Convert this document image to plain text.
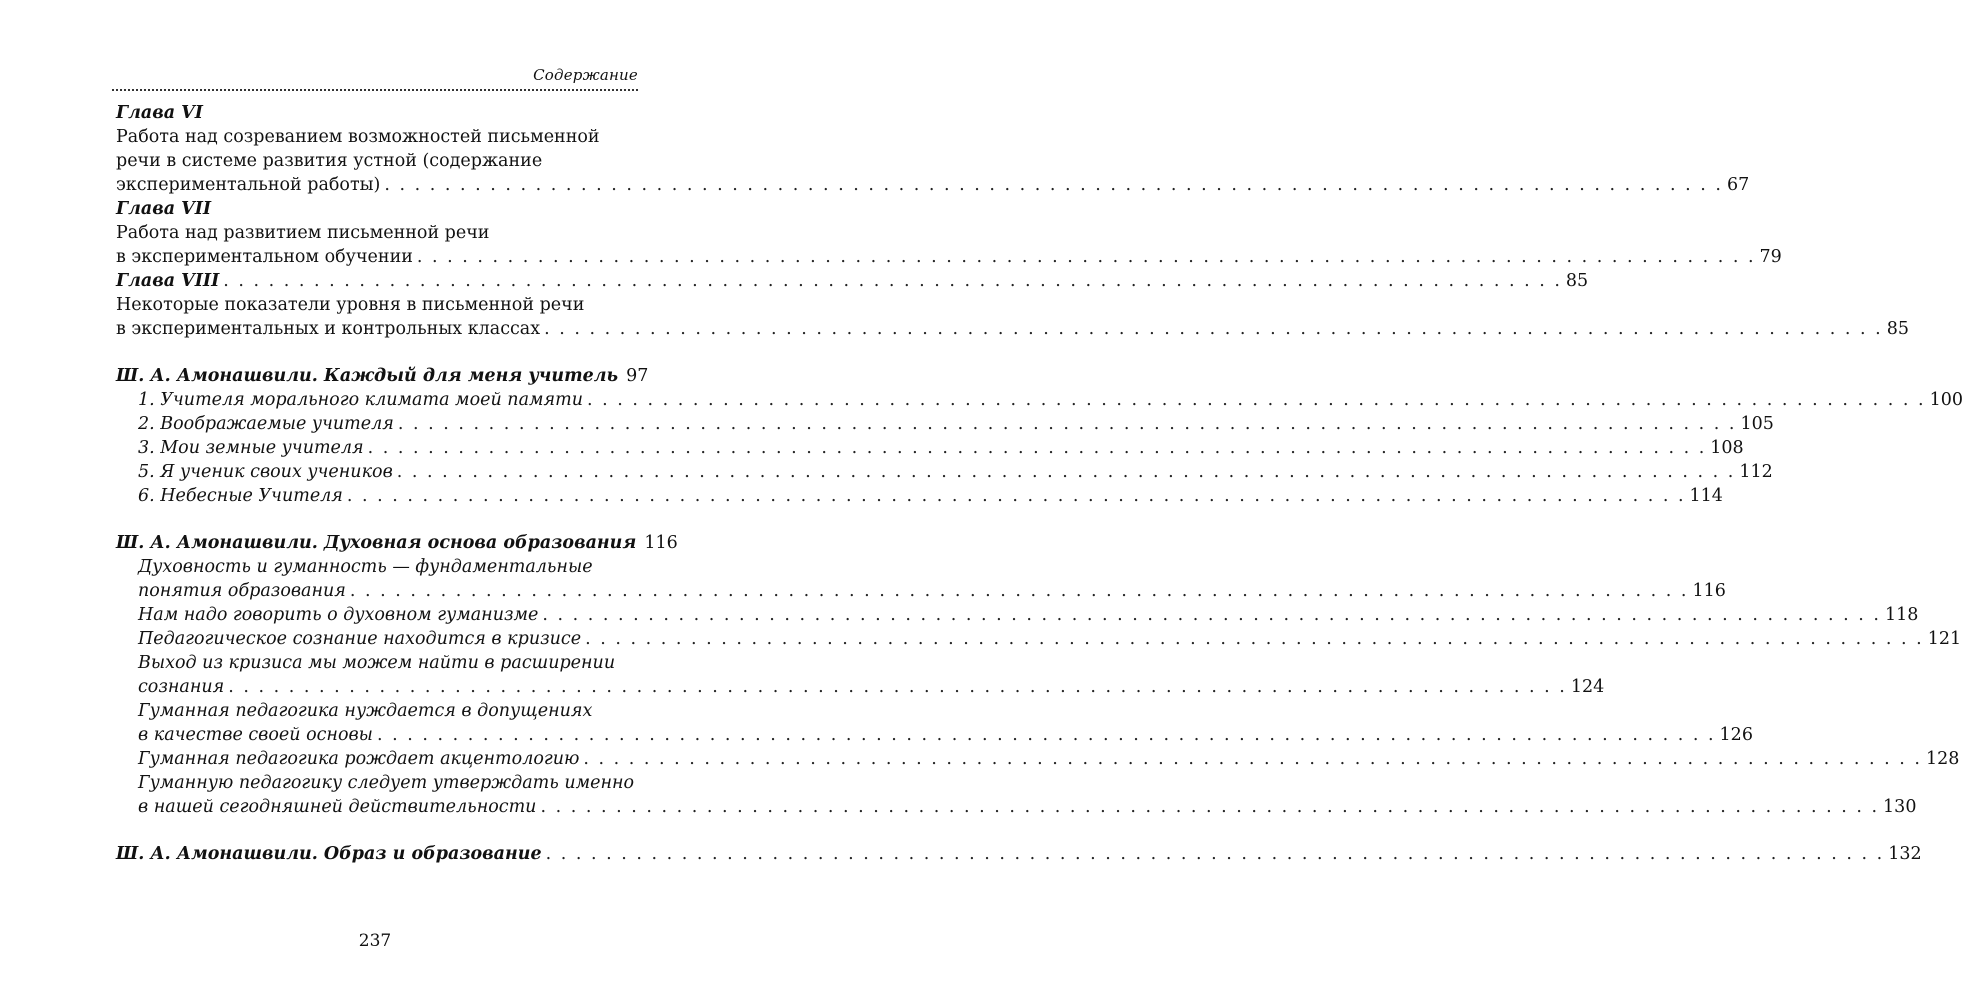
Содержание
Глава VI
Работа над созреванием возможностей письменной
речи в системе развития устной (содержание
экспериментальной работы) . . .	67
Глава VII
Работа над развитием письменной речи
в экспериментальном обучении . . .	79
Глава VIII . . .	85
Некоторые показатели уровня в письменной речи
в экспериментальных и контрольных классах . . .	85
Ш. А. Амонашвили. Каждый для меня учитель 97
1. Учителя морального климата моей памяти . . .	100
2. Воображаемые учителя . . .	105
3. Мои земные учителя . . .	108
5. Я ученик своих учеников . . .	112
6. Небесные Учителя . . .	114
Ш. А. Амонашвили. Духовная основа образования 116
Духовность и гуманность — фундаментальные
понятия образования . . .	116
Нам надо говорить о духовном гуманизме . . .	118
Педагогическое сознание находится в кризисе . . .	121
Выход из кризиса мы можем найти в расширении
сознания . . .	124
Гуманная педагогика нуждается в допущениях
в качестве своей основы . . .	126
Гуманная педагогика рождает акцентологию . . .	128
Гуманную педагогику следует утверждать именно
в нашей сегодняшней действительности . . .	130
Ш. А. Амонашвили. Образ и образование . . .	132
237
